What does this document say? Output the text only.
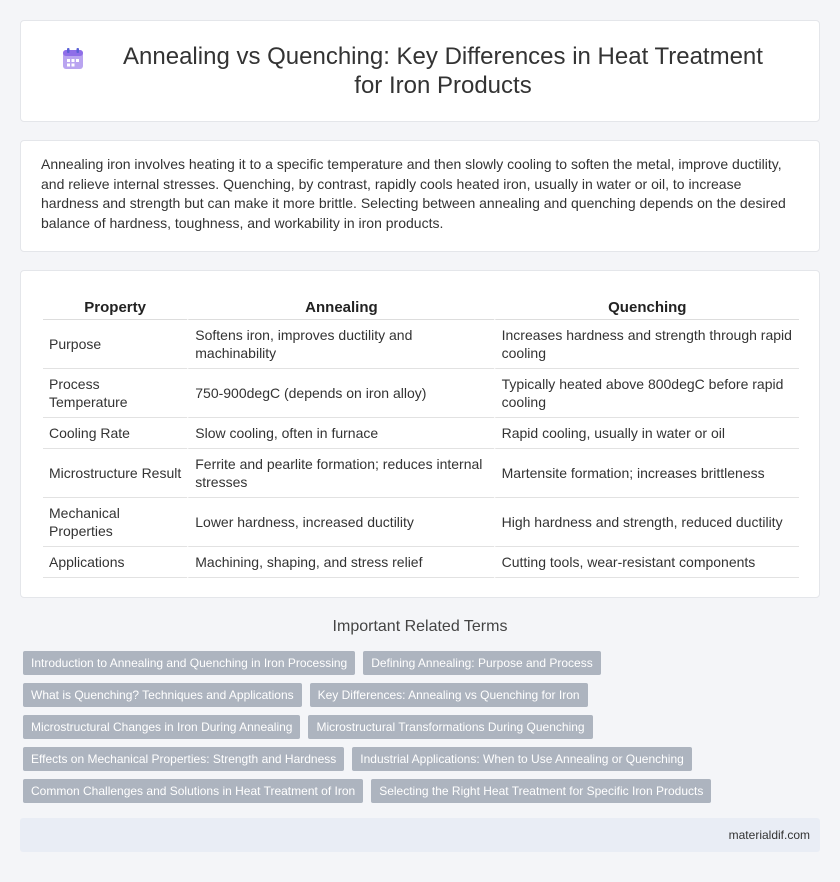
Annealing vs Quenching: Key Differences in Heat Treatment for Iron Products

Annealing iron involves heating it to a specific temperature and then slowly cooling to soften the metal, improve ductility, and relieve internal stresses. Quenching, by contrast, rapidly cools heated iron, usually in water or oil, to increase hardness and strength but can make it more brittle. Selecting between annealing and quenching depends on the desired balance of hardness, toughness, and workability in iron products.

Property	Annealing	Quenching
Purpose	Softens iron, improves ductility and machinability	Increases hardness and strength through rapid cooling
Process Temperature	750-900degC (depends on iron alloy)	Typically heated above 800degC before rapid cooling
Cooling Rate	Slow cooling, often in furnace	Rapid cooling, usually in water or oil
Microstructure Result	Ferrite and pearlite formation; reduces internal stresses	Martensite formation; increases brittleness
Mechanical Properties	Lower hardness, increased ductility	High hardness and strength, reduced ductility
Applications	Machining, shaping, and stress relief	Cutting tools, wear-resistant components
Important Related Terms
Introduction to Annealing and Quenching in Iron Processing	Defining Annealing: Purpose and Process
What is Quenching? Techniques and Applications	Key Differences: Annealing vs Quenching for Iron
Microstructural Changes in Iron During Annealing	Microstructural Transformations During Quenching
Effects on Mechanical Properties: Strength and Hardness	Industrial Applications: When to Use Annealing or Quenching
Common Challenges and Solutions in Heat Treatment of Iron	Selecting the Right Heat Treatment for Specific Iron Products
materialdif.com
